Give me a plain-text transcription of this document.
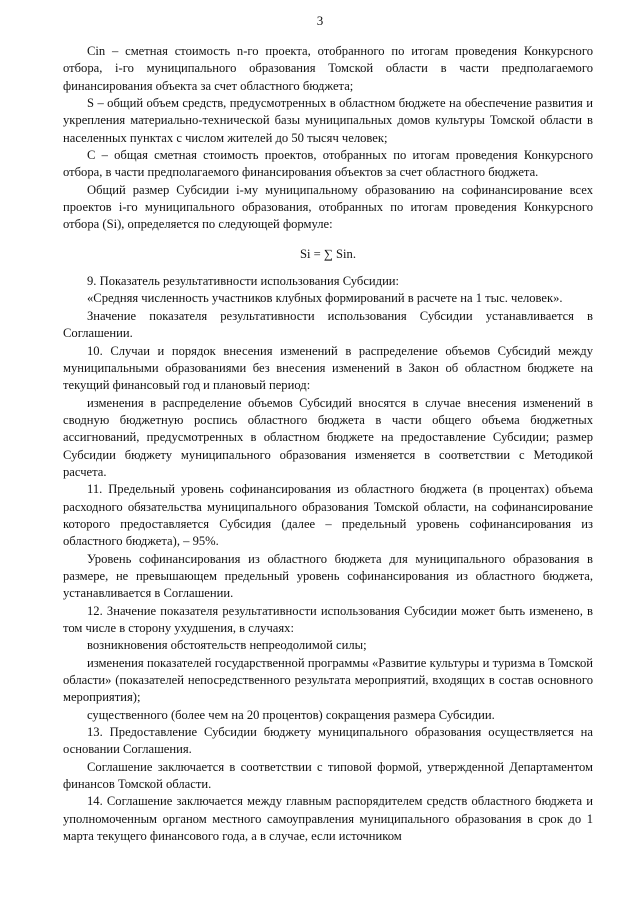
3

Cin – сметная стоимость n-го проекта, отобранного по итогам проведения Конкурсного отбора, i-го муниципального образования Томской области в части предполагаемого финансирования объекта за счет областного бюджета;

S – общий объем средств, предусмотренных в областном бюджете на обеспечение развития и укрепления материально-технической базы муниципальных домов культуры Томской области в населенных пунктах с числом жителей до 50 тысяч человек;

С – общая сметная стоимость проектов, отобранных по итогам проведения Конкурсного отбора, в части предполагаемого финансирования объектов за счет областного бюджета.

Общий размер Субсидии i-му муниципальному образованию на софинансирование всех проектов i-го муниципального образования, отобранных по итогам проведения Конкурсного отбора (Si), определяется по следующей формуле:

Si = ∑ Sin.

9. Показатель результативности использования Субсидии:

«Средняя численность участников клубных формирований в расчете на 1 тыс. человек».

Значение показателя результативности использования Субсидии устанавливается в Соглашении.

10. Случаи и порядок внесения изменений в распределение объемов Субсидий между муниципальными образованиями без внесения изменений в Закон об областном бюджете на текущий финансовый год и плановый период:

изменения в распределение объемов Субсидий вносятся в случае внесения изменений в сводную бюджетную роспись областного бюджета в части общего объема бюджетных ассигнований, предусмотренных в областном бюджете на предоставление Субсидии; размер Субсидии бюджету муниципального образования изменяется в соответствии с Методикой расчета.

11. Предельный уровень софинансирования из областного бюджета (в процентах) объема расходного обязательства муниципального образования Томской области, на софинансирование которого предоставляется Субсидия (далее – предельный уровень софинансирования из областного бюджета), – 95%.

Уровень софинансирования из областного бюджета для муниципального образования в размере, не превышающем предельный уровень софинансирования из областного бюджета, устанавливается в Соглашении.

12. Значение показателя результативности использования Субсидии может быть изменено, в том числе в сторону ухудшения, в случаях:

возникновения обстоятельств непреодолимой силы;

изменения показателей государственной программы «Развитие культуры и туризма в Томской области» (показателей непосредственного результата мероприятий, входящих в состав основного мероприятия);

существенного (более чем на 20 процентов) сокращения размера Субсидии.

13. Предоставление Субсидии бюджету муниципального образования осуществляется на основании Соглашения.

Соглашение заключается в соответствии с типовой формой, утвержденной Департаментом финансов Томской области.

14. Соглашение заключается между главным распорядителем средств областного бюджета и уполномоченным органом местного самоуправления муниципального образования в срок до 1 марта текущего финансового года, а в случае, если источником
